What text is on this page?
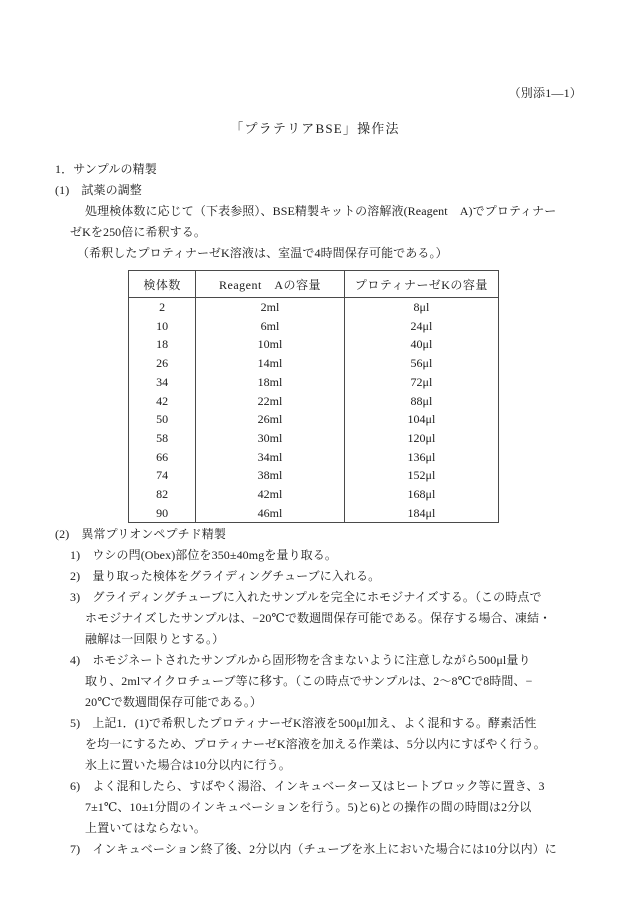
（別添1—1）
「プラテリアBSE」操作法
1．サンプルの精製
(1)　試薬の調整
処理検体数に応じて（下表参照）、BSE精製キットの溶解液(Reagent　A)でプロティナー
ゼKを250倍に希釈する。
（希釈したプロティナーゼK溶液は、室温で4時間保存可能である。）
検体数	Reagent　Aの容量	プロティナーゼKの容量
2	2ml	8μl
10	6ml	24μl
18	10ml	40μl
26	14ml	56μl
34	18ml	72μl
42	22ml	88μl
50	26ml	104μl
58	30ml	120μl
66	34ml	136μl
74	38ml	152μl
82	42ml	168μl
90	46ml	184μl
(2)　異常プリオンペプチド精製
1)　 ウシの閂(Obex)部位を350±40mgを量り取る。
2)　 量り取った検体をグライディングチューブに入れる。
3)　 グライディングチューブに入れたサンプルを完全にホモジナイズする。（この時点で
ホモジナイズしたサンプルは、−20℃で数週間保存可能である。保存する場合、凍結・
融解は一回限りとする。）
4)　 ホモジネートされたサンプルから固形物を含まないように注意しながら500μl量り
取り、2mlマイクロチューブ等に移す。（この時点でサンプルは、2〜8℃で8時間、−
20℃で数週間保存可能である。）
5)　 上記1．(1)で希釈したプロティナーゼK溶液を500μl加え、よく混和する。酵素活性
を均一にするため、プロティナーゼK溶液を加える作業は、5分以内にすばやく行う。
氷上に置いた場合は10分以内に行う。
6)　 よく混和したら、すばやく湯浴、インキュベーター又はヒートブロック等に置き、3
7±1℃、10±1分間のインキュベーションを行う。5)と6)との操作の間の時間は2分以
上置いてはならない。
7)　 インキュベーション終了後、2分以内（チューブを氷上においた場合には10分以内）に
